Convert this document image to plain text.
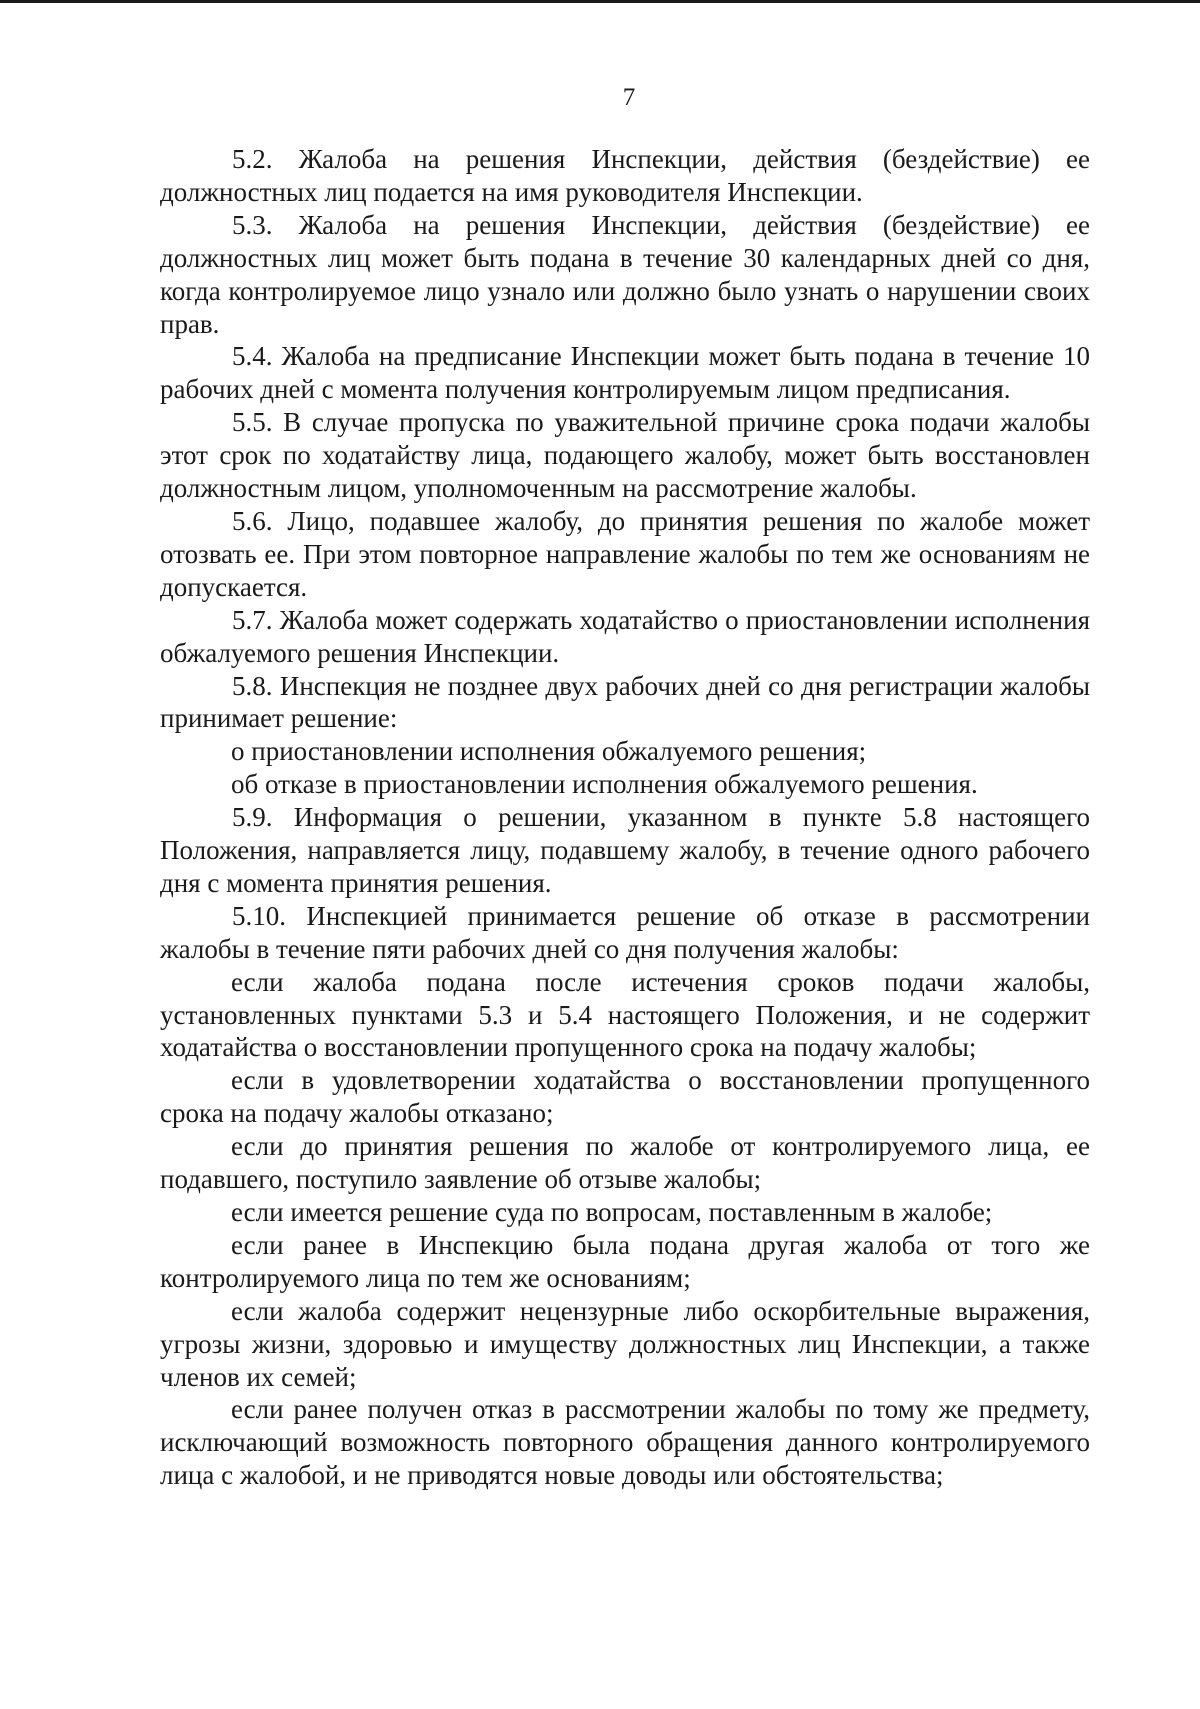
7

5.2. Жалоба на решения Инспекции, действия (бездействие) ее должностных лиц подается на имя руководителя Инспекции.

5.3. Жалоба на решения Инспекции, действия (бездействие) ее должностных лиц может быть подана в течение 30 календарных дней со дня, когда контролируемое лицо узнало или должно было узнать о нарушении своих прав.

5.4. Жалоба на предписание Инспекции может быть подана в течение 10 рабочих дней с момента получения контролируемым лицом предписания.

5.5. В случае пропуска по уважительной причине срока подачи жалобы этот срок по ходатайству лица, подающего жалобу, может быть восстановлен должностным лицом, уполномоченным на рассмотрение жалобы.

5.6. Лицо, подавшее жалобу, до принятия решения по жалобе может отозвать ее. При этом повторное направление жалобы по тем же основаниям не допускается.

5.7. Жалоба может содержать ходатайство о приостановлении исполнения обжалуемого решения Инспекции.

5.8. Инспекция не позднее двух рабочих дней со дня регистрации жалобы принимает решение:

о приостановлении исполнения обжалуемого решения;

об отказе в приостановлении исполнения обжалуемого решения.

5.9. Информация о решении, указанном в пункте 5.8 настоящего Положения, направляется лицу, подавшему жалобу, в течение одного рабочего дня с момента принятия решения.

5.10. Инспекцией принимается решение об отказе в рассмотрении жалобы в течение пяти рабочих дней со дня получения жалобы:

если жалоба подана после истечения сроков подачи жалобы, установленных пунктами 5.3 и 5.4 настоящего Положения, и не содержит ходатайства о восстановлении пропущенного срока на подачу жалобы;

если в удовлетворении ходатайства о восстановлении пропущенного срока на подачу жалобы отказано;

если до принятия решения по жалобе от контролируемого лица, ее подавшего, поступило заявление об отзыве жалобы;

если имеется решение суда по вопросам, поставленным в жалобе;

если ранее в Инспекцию была подана другая жалоба от того же контролируемого лица по тем же основаниям;

если жалоба содержит нецензурные либо оскорбительные выражения, угрозы жизни, здоровью и имуществу должностных лиц Инспекции, а также членов их семей;

если ранее получен отказ в рассмотрении жалобы по тому же предмету, исключающий возможность повторного обращения данного контролируемого лица с жалобой, и не приводятся новые доводы или обстоятельства;
